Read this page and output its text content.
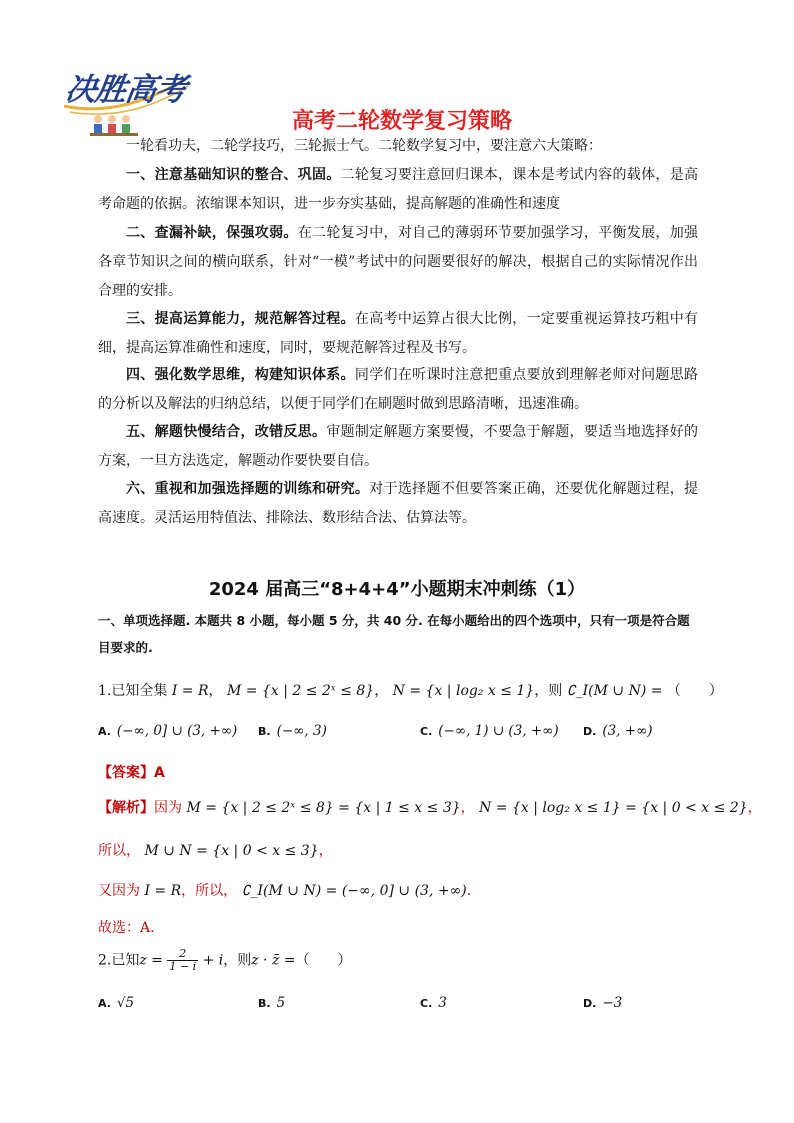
决胜高考
高考二轮数学复习策略
一轮看功夫，二轮学技巧，三轮振士气。二轮数学复习中，要注意六大策略：
一、注意基础知识的整合、巩固。二轮复习要注意回归课本，课本是考试内容的载体，是高考命题的依据。浓缩课本知识，进一步夯实基础，提高解题的准确性和速度
二、查漏补缺，保强攻弱。在二轮复习中，对自己的薄弱环节要加强学习，平衡发展，加强各章节知识之间的横向联系，针对“一模”考试中的问题要很好的解决，根据自己的实际情况作出合理的安排。
三、提高运算能力，规范解答过程。在高考中运算占很大比例，一定要重视运算技巧粗中有细，提高运算准确性和速度，同时，要规范解答过程及书写。
四、强化数学思维，构建知识体系。同学们在听课时注意把重点要放到理解老师对问题思路的分析以及解法的归纳总结，以便于同学们在刷题时做到思路清晰，迅速准确。
五、解题快慢结合，改错反思。审题制定解题方案要慢，不要急于解题，要适当地选择好的方案，一旦方法选定，解题动作要快要自信。
六、重视和加强选择题的训练和研究。对于选择题不但要答案正确，还要优化解题过程，提高速度。灵活运用特值法、排除法、数形结合法、估算法等。
2024 届高三“8+4+4”小题期末冲刺练（1）
一、单项选择题. 本题共 8 小题，每小题 5 分，共 40 分. 在每小题给出的四个选项中，只有一项是符合题目要求的.
1.已知全集 I = R， M = {x | 2 ≤ 2ˣ ≤ 8}， N = {x | log₂ x ≤ 1}，则 ∁_I(M ∪ N) = （　　）
A. (−∞, 0] ∪ (3, +∞) B. (−∞, 3)	C. (−∞, 1) ∪ (3, +∞) D. (3, +∞)
【答案】A
【解析】因为 M = {x | 2 ≤ 2ˣ ≤ 8} = {x | 1 ≤ x ≤ 3}， N = {x | log₂ x ≤ 1} = {x | 0 < x ≤ 2}，
所以， M ∪ N = {x | 0 < x ≤ 3}，
又因为 I = R，所以， ∁_I(M ∪ N) = (−∞, 0] ∪ (3, +∞).
故选：A.
2.已知$z = \frac{2}{1 - i} + i$，则z · z̄ =（　　）
A. √5	B. 5	C. 3	D. −3
